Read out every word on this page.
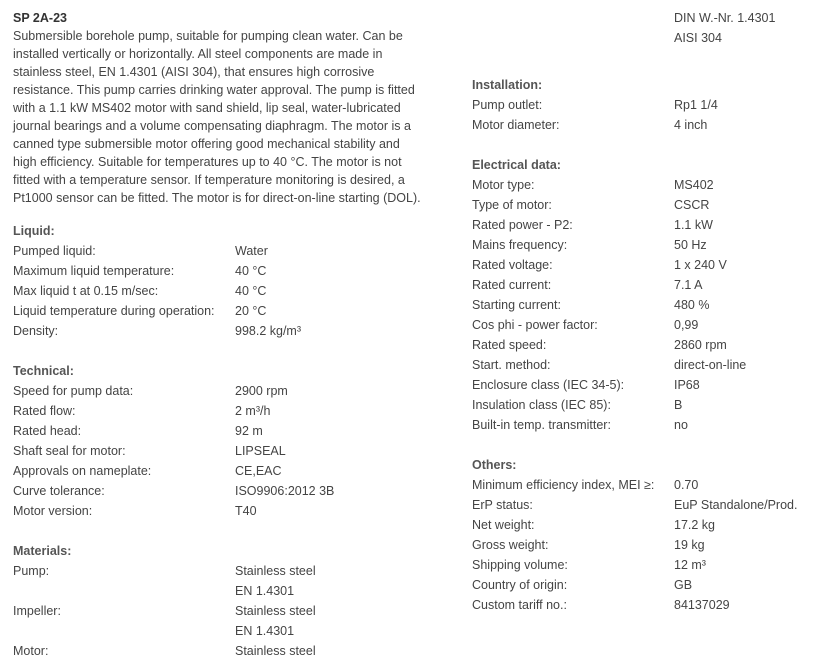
SP 2A-23

Submersible borehole pump, suitable for pumping clean water. Can be installed vertically or horizontally. All steel components are made in stainless steel, EN 1.4301 (AISI 304), that ensures high corrosive resistance. This pump carries drinking water approval. The pump is fitted with a 1.1 kW MS402 motor with sand shield, lip seal, water-lubricated journal bearings and a volume compensating diaphragm. The motor is a canned type submersible motor offering good mechanical stability and high efficiency. Suitable for temperatures up to 40 °C. The motor is not fitted with a temperature sensor. If temperature monitoring is desired, a Pt1000 sensor can be fitted. The motor is for direct-on-line starting (DOL).

Liquid:
Pumped liquid:	Water
Maximum liquid temperature:	40 °C
Max liquid t at 0.15 m/sec:	40 °C
Liquid temperature during operation:	20 °C
Density:	998.2 kg/m³
Technical:
Speed for pump data:	2900 rpm
Rated flow:	2 m³/h
Rated head:	92 m
Shaft seal for motor:	LIPSEAL
Approvals on nameplate:	CE,EAC
Curve tolerance:	ISO9906:2012 3B
Motor version:	T40
Materials:
Pump:	Stainless steel
EN 1.4301
Impeller:	Stainless steel
EN 1.4301
Motor:	Stainless steel
DIN W.-Nr. 1.4301
AISI 304
Installation:
Pump outlet:	Rp1 1/4
Motor diameter:	4 inch
Electrical data:
Motor type:	MS402
Type of motor:	CSCR
Rated power - P2:	1.1 kW
Mains frequency:	50 Hz
Rated voltage:	1 x 240 V
Rated current:	7.1 A
Starting current:	480 %
Cos phi - power factor:	0,99
Rated speed:	2860 rpm
Start. method:	direct-on-line
Enclosure class (IEC 34-5):	IP68
Insulation class (IEC 85):	B
Built-in temp. transmitter:	no
Others:
Minimum efficiency index, MEI ≥:	0.70
ErP status:	EuP Standalone/Prod.
Net weight:	17.2 kg
Gross weight:	19 kg
Shipping volume:	12 m³
Country of origin:	GB
Custom tariff no.:	84137029
